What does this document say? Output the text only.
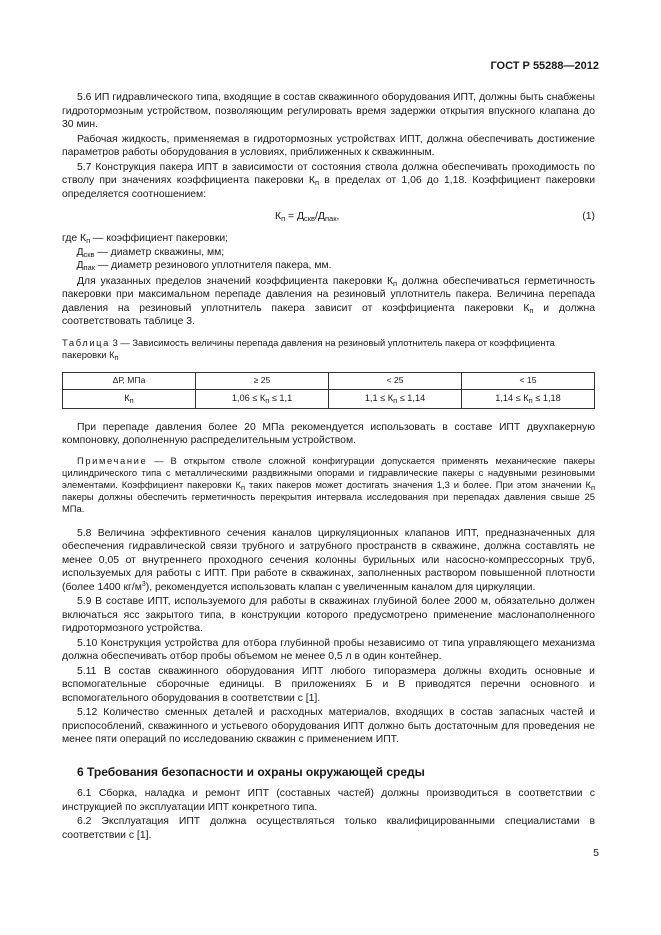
ГОСТ Р 55288—2012

5.6 ИП гидравлического типа, входящие в состав скважинного оборудования ИПТ, должны быть снабжены гидротормозным устройством, позволяющим регулировать время задержки открытия впускного клапана до 30 мин.

Рабочая жидкость, применяемая в гидротормозных устройствах ИПТ, должна обеспечивать достижение параметров работы оборудования в условиях, приближенных к скважинным.

5.7 Конструкция пакера ИПТ в зависимости от состояния ствола должна обеспечивать проходимость по стволу при значениях коэффициента пакеровки $К_п$ в пределах от 1,06 до 1,18. Коэффициент пакеровки определяется соотношением:

$К_п = Д_{скв}/Д_{пак}$,	(1)
где $К_п$ — коэффициент пакеровки;
$Д_{скв}$ — диаметр скважины, мм;
$Д_{пак}$ — диаметр резинового уплотнителя пакера, мм.

Для указанных пределов значений коэффициента пакеровки $К_п$ должна обеспечиваться герметичность пакеровки при максимальном перепаде давления на резиновый уплотнитель пакера. Величина перепада давления на резиновый уплотнитель пакера зависит от коэффициента пакеровки $К_п$ и должна соответствовать таблице 3.

Таблица 3 — Зависимость величины перепада давления на резиновый уплотнитель пакера от коэффициента пакеровки $К_п$
ΔР, МПа	≥ 25	< 25	< 15
$К_п$	$1,06 \le К_п \le 1,1$	$1,1 \le К_п \le 1,14$	$1,14 \le К_п \le 1,18$

При перепаде давления более 20 МПа рекомендуется использовать в составе ИПТ двухпакерную компоновку, дополненную распределительным устройством.

Примечание — В открытом стволе сложной конфигурации допускается применять механические пакеры цилиндрического типа с металлическими раздвижными опорами и гидравлические пакеры с надувными резиновыми элементами. Коэффициент пакеровки $К_п$ таких пакеров может достигать значения 1,3 и более. При этом значении $К_п$ пакеры должны обеспечить герметичность перекрытия интервала исследования при перепадах давления свыше 25 МПа.

5.8 Величина эффективного сечения каналов циркуляционных клапанов ИПТ, предназначенных для обеспечения гидравлической связи трубного и затрубного пространств в скважине, должна составлять не менее 0,05 от внутреннего проходного сечения колонны бурильных или насосно-компрессорных труб, используемых для работы с ИПТ. При работе в скважинах, заполненных раствором повышенной плотности (более 1400 $кг/м^3$), рекомендуется использовать клапан с увеличенным каналом для циркуляции.

5.9 В составе ИПТ, используемого для работы в скважинах глубиной более 2000 м, обязательно должен включаться ясс закрытого типа, в конструкции которого предусмотрено применение маслонаполненного гидротормозного устройства.

5.10 Конструкция устройства для отбора глубинной пробы независимо от типа управляющего механизма должна обеспечивать отбор пробы объемом не менее 0,5 л в один контейнер.

5.11 В состав скважинного оборудования ИПТ любого типоразмера должны входить основные и вспомогательные сборочные единицы. В приложениях Б и В приводятся перечни основного и вспомогательного оборудования в соответствии с [1].

5.12 Количество сменных деталей и расходных материалов, входящих в состав запасных частей и приспособлений, скважинного и устьевого оборудования ИПТ должно быть достаточным для проведения не менее пяти операций по исследованию скважин с применением ИПТ.

6 Требования безопасности и охраны окружающей среды

6.1 Сборка, наладка и ремонт ИПТ (составных частей) должны производиться в соответствии с инструкцией по эксплуатации ИПТ конкретного типа.

6.2 Эксплуатация ИПТ должна осуществляться только квалифицированными специалистами в соответствии с [1].

5
